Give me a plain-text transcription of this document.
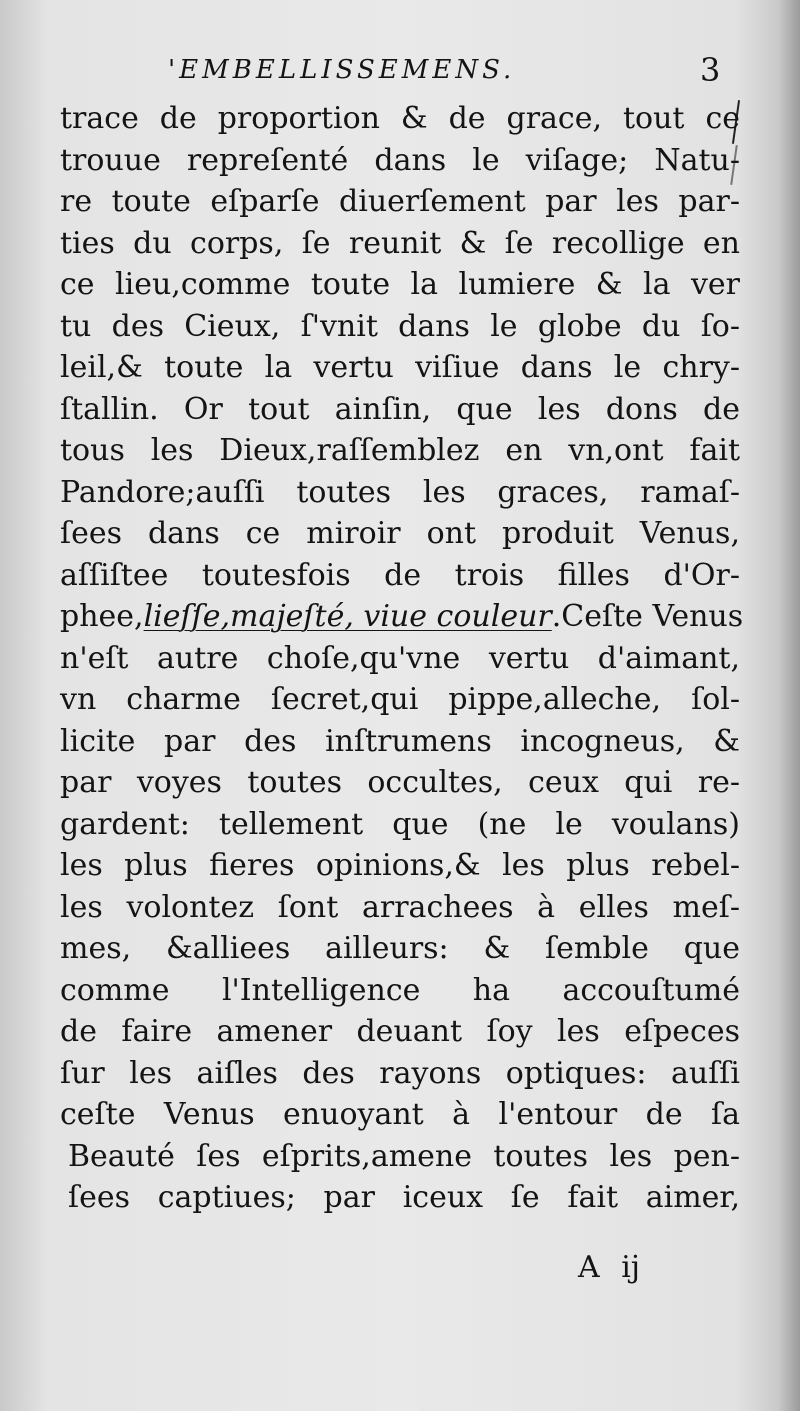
'EMBELLISSEMENS.	3
trace de proportion & de grace, tout ce
trouue repreſenté dans le viſage; Natu-
re toute eſparſe diuerſement par les par-
ties du corps, ſe reunit & ſe recollige en
ce lieu,comme toute la lumiere & la ver
tu des Cieux, ſ'vnit dans le globe du ſo-
leil,& toute la vertu viſiue dans le chry-
ſtallin. Or tout ainſin, que les dons de
tous les Dieux,raſſemblez en vn,ont fait
Pandore;auſſi toutes les graces, ramaſ-
ſees dans ce miroir ont produit Venus,
aſſiſtee toutesfois de trois filles d'Or-
phee,lieſſe,majeſté, viue couleur.Ceſte Venus
n'eſt autre choſe,qu'vne vertu d'aimant,
vn charme ſecret,qui pippe,alleche, ſol-
licite par des inſtrumens incogneus, &
par voyes toutes occultes, ceux qui re-
gardent: tellement que (ne le voulans)
les plus fieres opinions,& les plus rebel-
les volontez ſont arrachees à elles meſ-
mes, &alliees ailleurs: & ſemble que
comme l'Intelligence ha accouſtumé
de faire amener deuant ſoy les eſpeces
ſur les aiſles des rayons optiques: auſſi
ceſte Venus enuoyant à l'entour de ſa
Beauté ſes eſprits,amene toutes les pen-
ſees captiues; par iceux ſe fait aimer,
A ij
